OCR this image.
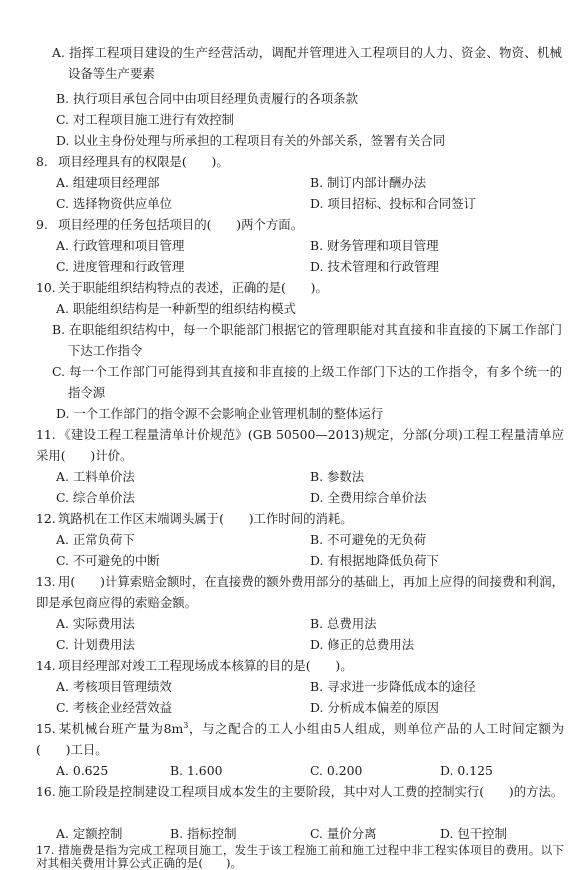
A. 指挥工程项目建设的生产经营活动，调配并管理进入工程项目的人力、资金、物资、机械设备等生产要素
B. 执行项目承包合同中由项目经理负责履行的各项条款
C. 对工程项目施工进行有效控制
D. 以业主身份处理与所承担的工程项目有关的外部关系，签署有关合同
8. 项目经理具有的权限是(　　)。
A. 组建项目经理部	B. 制订内部计酬办法
C. 选择物资供应单位	D. 项目招标、投标和合同签订
9. 项目经理的任务包括项目的(　　)两个方面。
A. 行政管理和项目管理	B. 财务管理和项目管理
C. 进度管理和行政管理	D. 技术管理和行政管理
10. 关于职能组织结构特点的表述，正确的是(　　)。
A. 职能组织结构是一种新型的组织结构模式
B. 在职能组织结构中，每一个职能部门根据它的管理职能对其直接和非直接的下属工作部门下达工作指令
C. 每一个工作部门可能得到其直接和非直接的上级工作部门下达的工作指令，有多个统一的指令源
D. 一个工作部门的指令源不会影响企业管理机制的整体运行
11. 《建设工程工程量清单计价规范》(GB 50500—2013)规定，分部(分项)工程工程量清单应采用(　　)计价。
A. 工料单价法	B. 参数法
C. 综合单价法	D. 全费用综合单价法
12. 筑路机在工作区末端调头属于(　　)工作时间的消耗。
A. 正常负荷下	B. 不可避免的无负荷
C. 不可避免的中断	D. 有根据地降低负荷下
13. 用(　　)计算索赔金额时，在直接费的额外费用部分的基础上，再加上应得的间接费和利润，即是承包商应得的索赔金额。
A. 实际费用法	B. 总费用法
C. 计划费用法	D. 修正的总费用法
14. 项目经理部对竣工工程现场成本核算的目的是(　　)。
A. 考核项目管理绩效	B. 寻求进一步降低成本的途径
C. 考核企业经营效益	D. 分析成本偏差的原因
15. 某机械台班产量为$8m^3$，与之配合的工人小组由5人组成，则单位产品的人工时间定额为(　　)工日。
A. 0.625	B. 1.600	C. 0.200	D. 0.125
16. 施工阶段是控制建设工程项目成本发生的主要阶段，其中对人工费的控制实行(　　)的方法。
A. 定额控制	B. 指标控制	C. 量价分离	D. 包干控制
17. 措施费是指为完成工程项目施工，发生于该工程施工前和施工过程中非工程实体项目的费用。以下对其相关费用计算公式正确的是(　　)。
